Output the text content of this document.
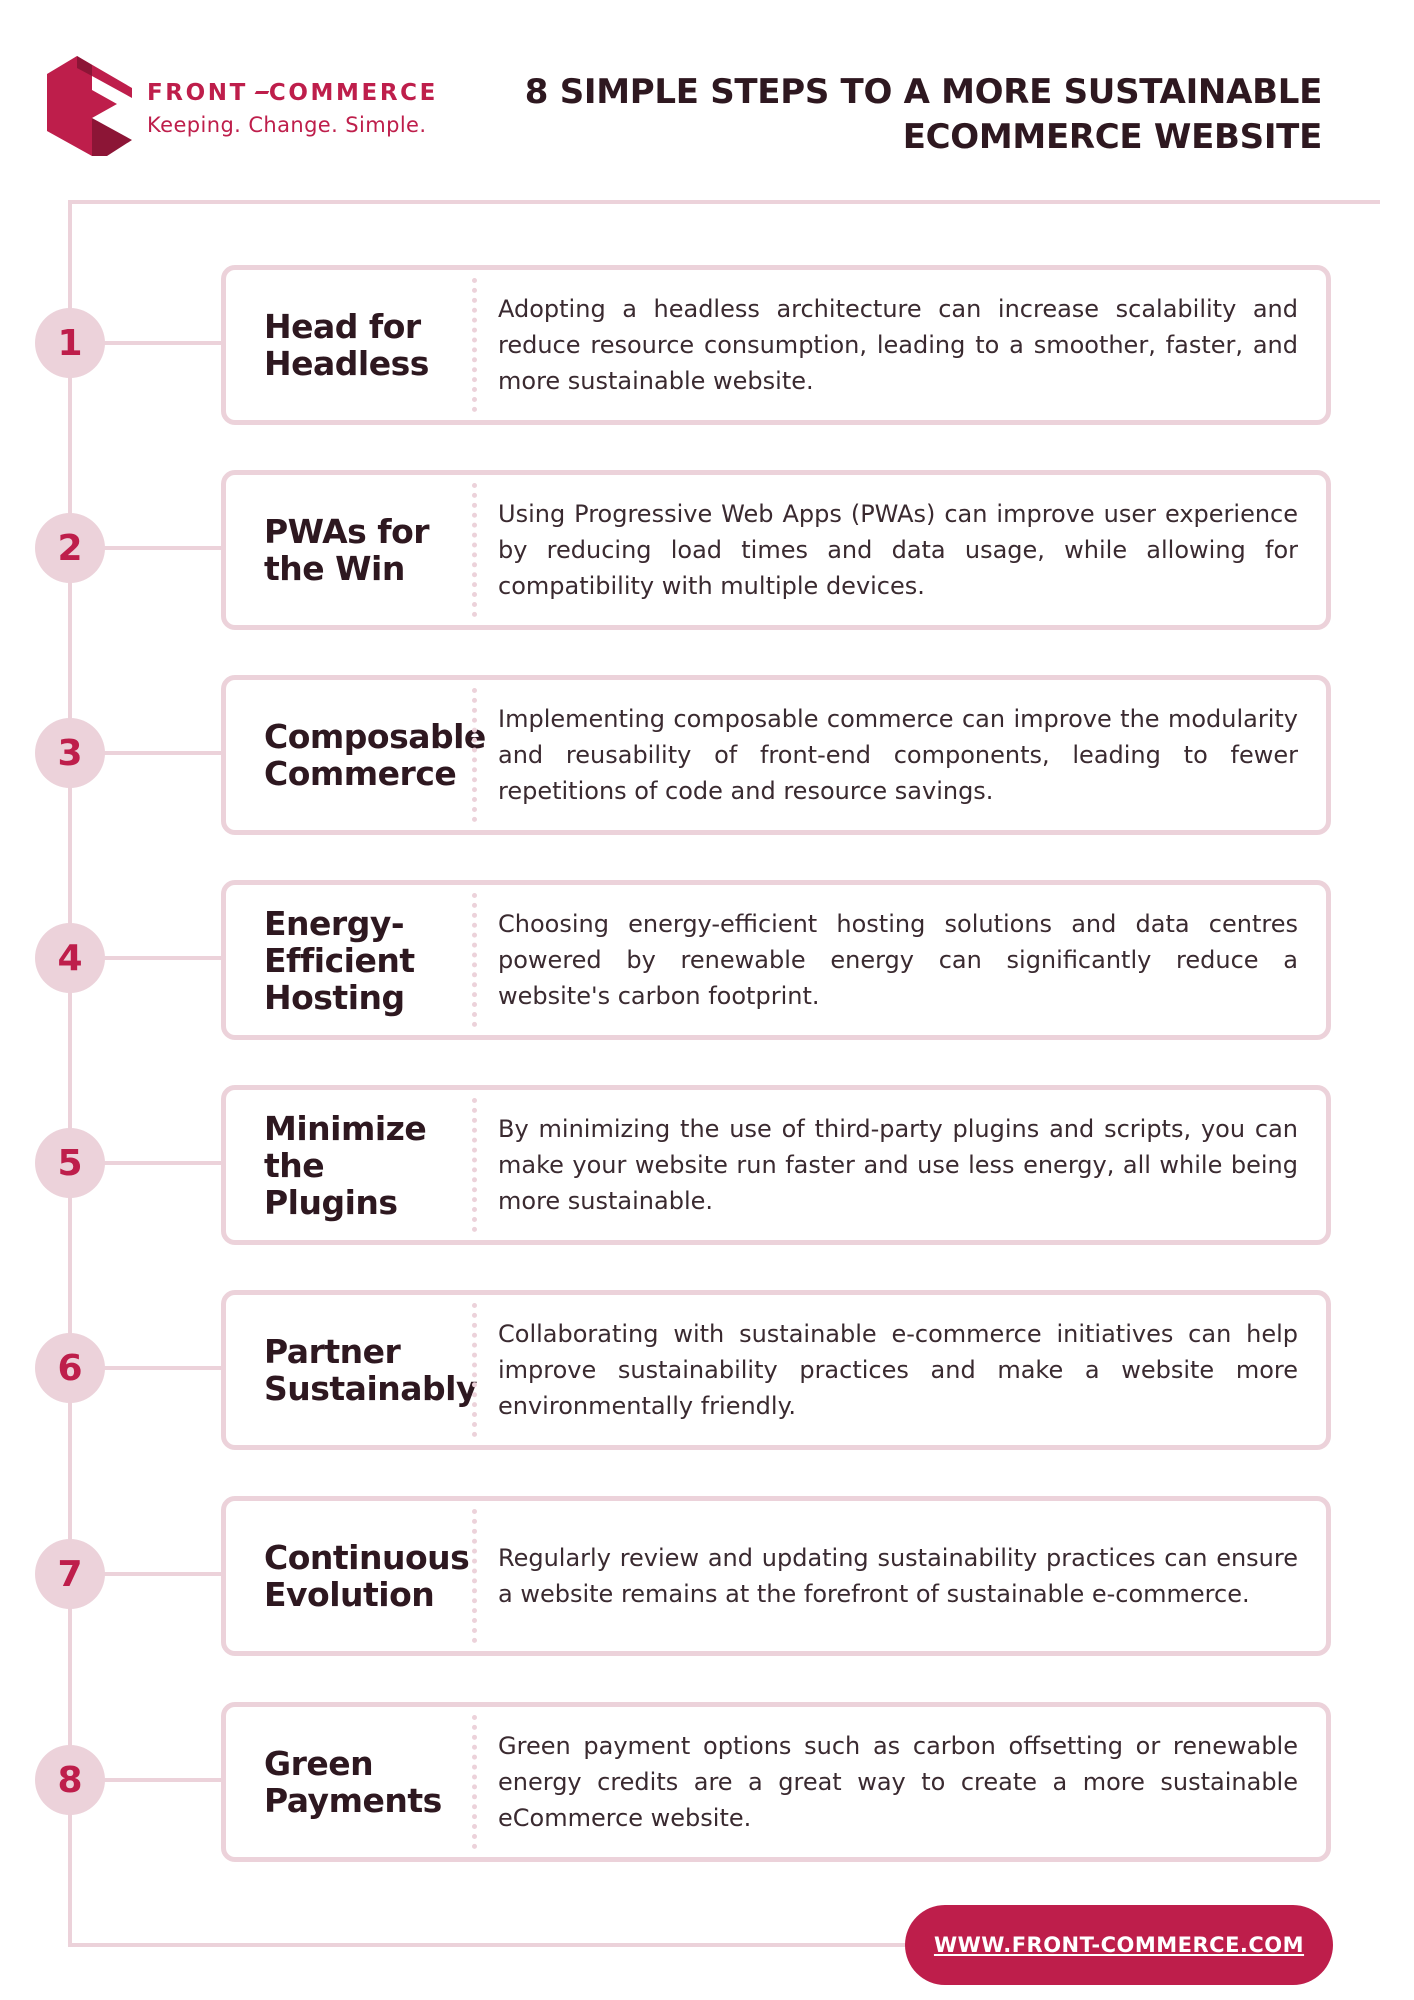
FRONT COMMERCE
Keeping. Change. Simple.
8 SIMPLE STEPS TO A MORE SUSTAINABLE
ECOMMERCE WEBSITE
1	Head for Headless
Adopting a headless architecture can increase scalability and reduce resource consumption, leading to a smoother, faster, and more sustainable website.
2	PWAs for the Win
Using Progressive Web Apps (PWAs) can improve user experience by reducing load times and data usage, while allowing for compatibility with multiple devices.
3	Composable Commerce
Implementing composable commerce can improve the modularity and reusability of front-end components, leading to fewer repetitions of code and resource savings.
4
Energy-Efficient Hosting
Choosing energy-efficient hosting solutions and data centres powered by renewable energy can significantly reduce a website's carbon footprint.
5
Minimize the Plugins
By minimizing the use of third-party plugins and scripts, you can make your website run faster and use less energy, all while being more sustainable.
6	Partner Sustainably
Collaborating with sustainable e-commerce initiatives can help improve sustainability practices and make a website more environmentally friendly.
7	Continuous Evolution
Regularly review and updating sustainability practices can ensure a website remains at the forefront of sustainable e-commerce.
8	Green Payments
Green payment options such as carbon offsetting or renewable energy credits are a great way to create a more sustainable eCommerce website.
WWW.FRONT-COMMERCE.COM
